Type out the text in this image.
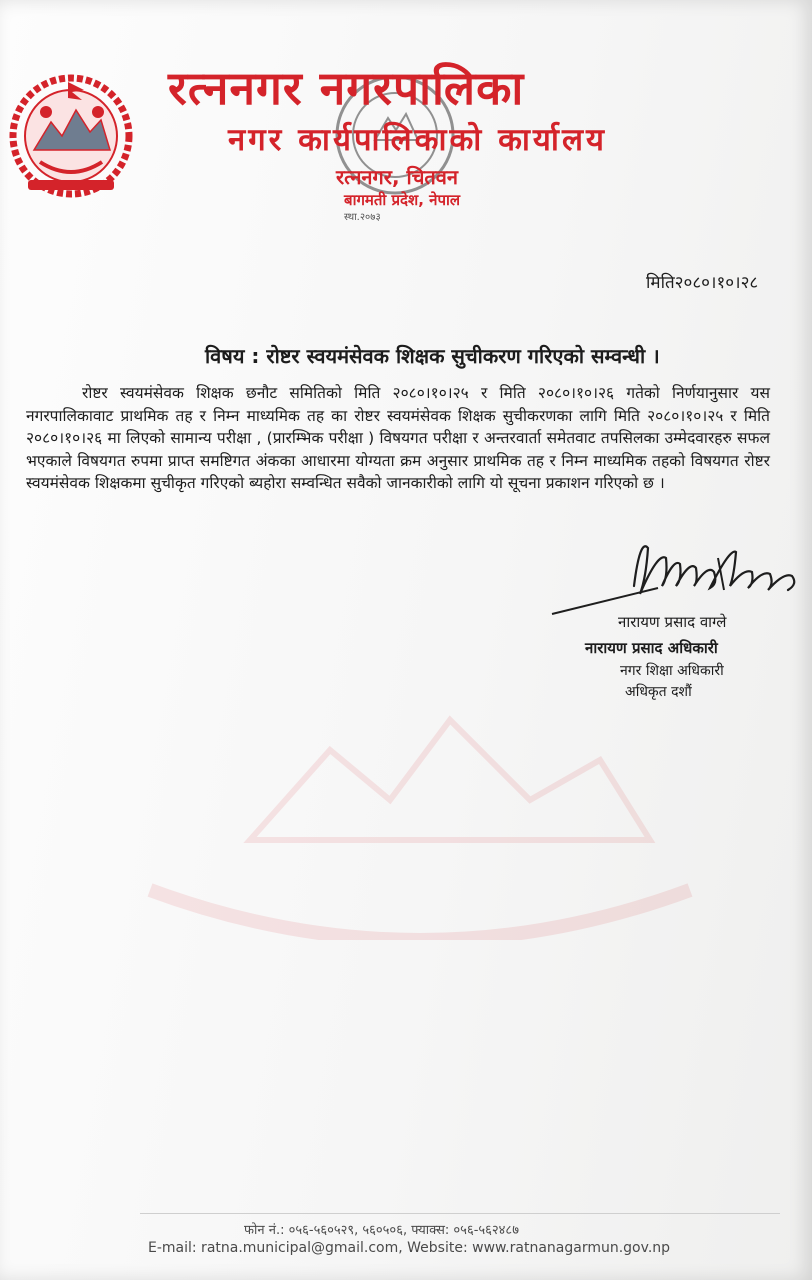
रत्ननगर नगरपालिका
नगर कार्यपालिकाको कार्यालय
रत्ननगर, चितवन
बागमती प्रदेश, नेपाल
स्था.२०७३
मिति२०८०।१०।२८
विषय : रोष्टर स्वयमंसेवक शिक्षक सुचीकरण गरिएको सम्वन्धी ।

रोष्टर स्वयमंसेवक शिक्षक छनौट समितिको मिति २०८०।१०।२५ र मिति २०८०।१०।२६ गतेको निर्णयानुसार यस नगरपालिकावाट प्राथमिक तह र निम्न माध्यमिक तह का रोष्टर स्वयमंसेवक शिक्षक सुचीकरणका लागि मिति २०८०।१०।२५ र मिति २०८०।१०।२६ मा लिएको सामान्य परीक्षा , (प्रारम्भिक परीक्षा ) विषयगत परीक्षा र अन्तरवार्ता समेतवाट तपसिलका उम्मेदवारहरु सफल भएकाले विषयगत रुपमा प्राप्त समष्टिगत अंकका आधारमा योग्यता क्रम अनुसार प्राथमिक तह र निम्न माध्यमिक तहको विषयगत रोष्टर स्वयमंसेवक शिक्षकमा सुचीकृत गरिएको ब्यहोरा सम्वन्धित सवैको जानकारीको लागि यो सूचना प्रकाशन गरिएको छ ।

नारायण प्रसाद वाग्ले
नारायण प्रसाद अधिकारी
नगर शिक्षा अधिकारी
अधिकृत दशौं
फोन नं.: ०५६-५६०५२९, ५६०५०६, फ्याक्स: ०५६-५६२४८७
E-mail: ratna.municipal@gmail.com, Website: www.ratnanagarmun.gov.np
